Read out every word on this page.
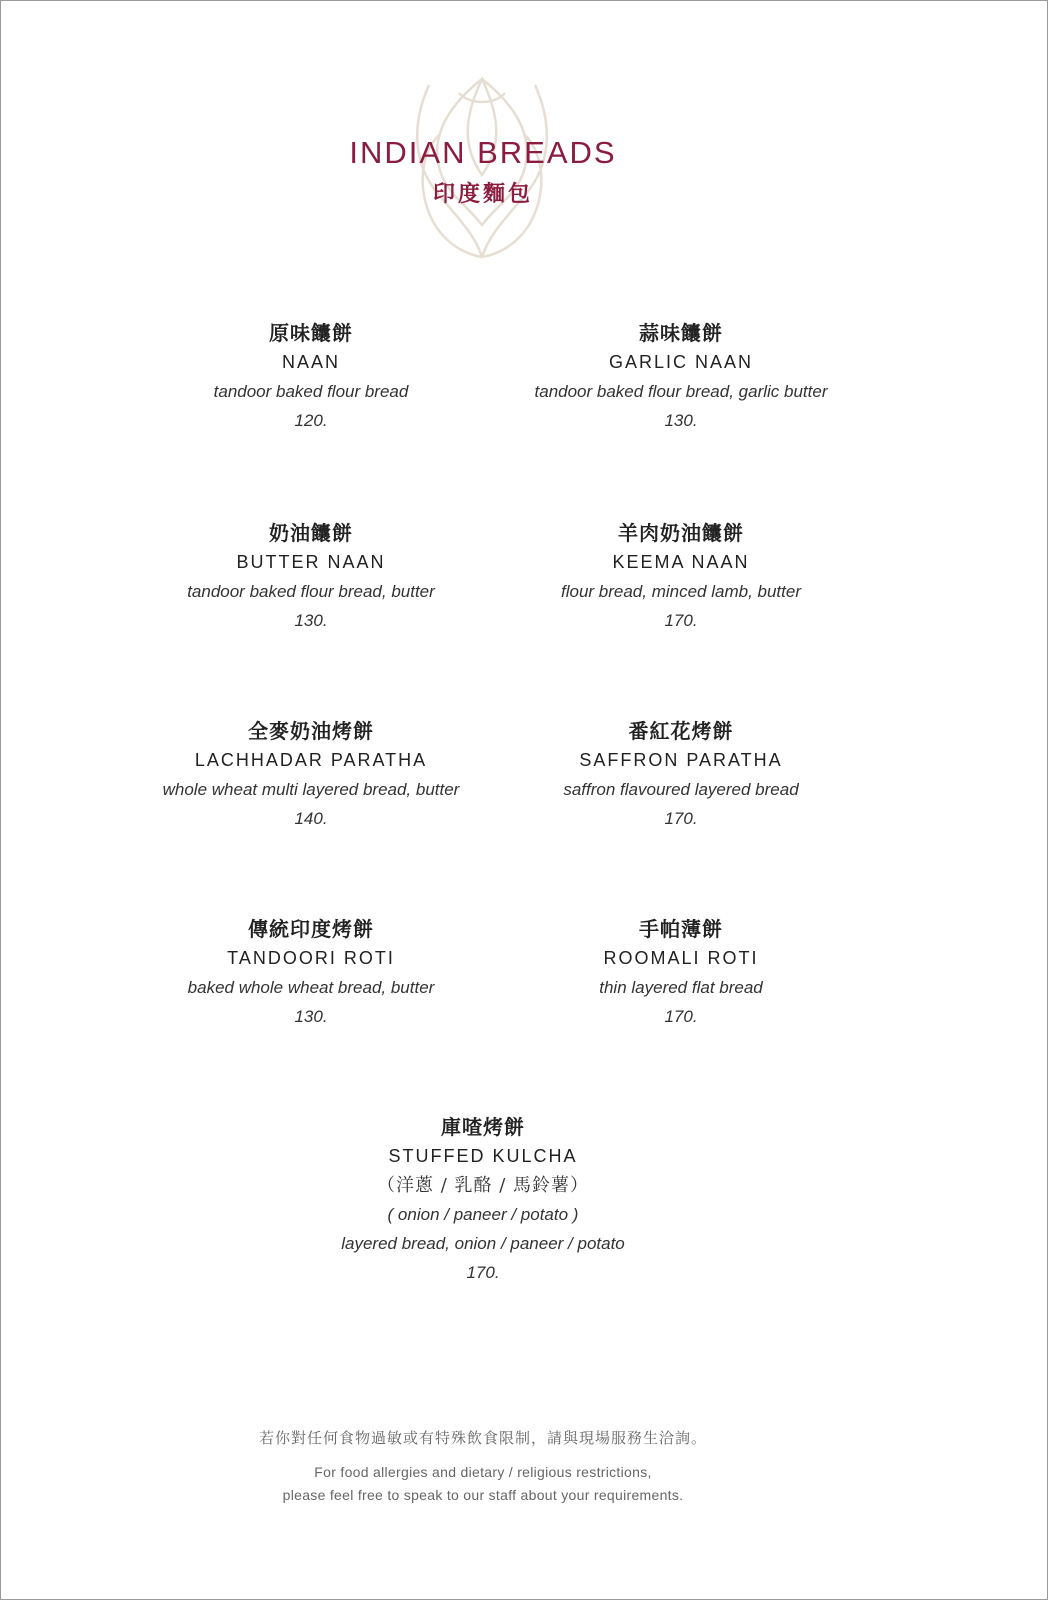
INDIAN BREADS
印度麵包
原味饢餅
NAAN
tandoor baked flour bread
120.
蒜味饢餅
GARLIC NAAN
tandoor baked flour bread, garlic butter
130.
奶油饢餅
BUTTER NAAN
tandoor baked flour bread, butter
130.
羊肉奶油饢餅
KEEMA NAAN
flour bread, minced lamb, butter
170.
全麥奶油烤餅
LACHHADAR PARATHA
whole wheat multi layered bread, butter
140.
番紅花烤餅
SAFFRON PARATHA
saffron flavoured layered bread
170.
傳統印度烤餅
TANDOORI ROTI
baked whole wheat bread, butter
130.
手帕薄餅
ROOMALI ROTI
thin layered flat bread
170.
庫喳烤餅
STUFFED KULCHA
（洋蔥 / 乳酪 / 馬鈴薯）
( onion / paneer / potato )
layered bread, onion / paneer / potato
170.
若你對任何食物過敏或有特殊飲食限制，請與現場服務生洽詢。
For food allergies and dietary / religious restrictions,
please feel free to speak to our staff about your requirements.
